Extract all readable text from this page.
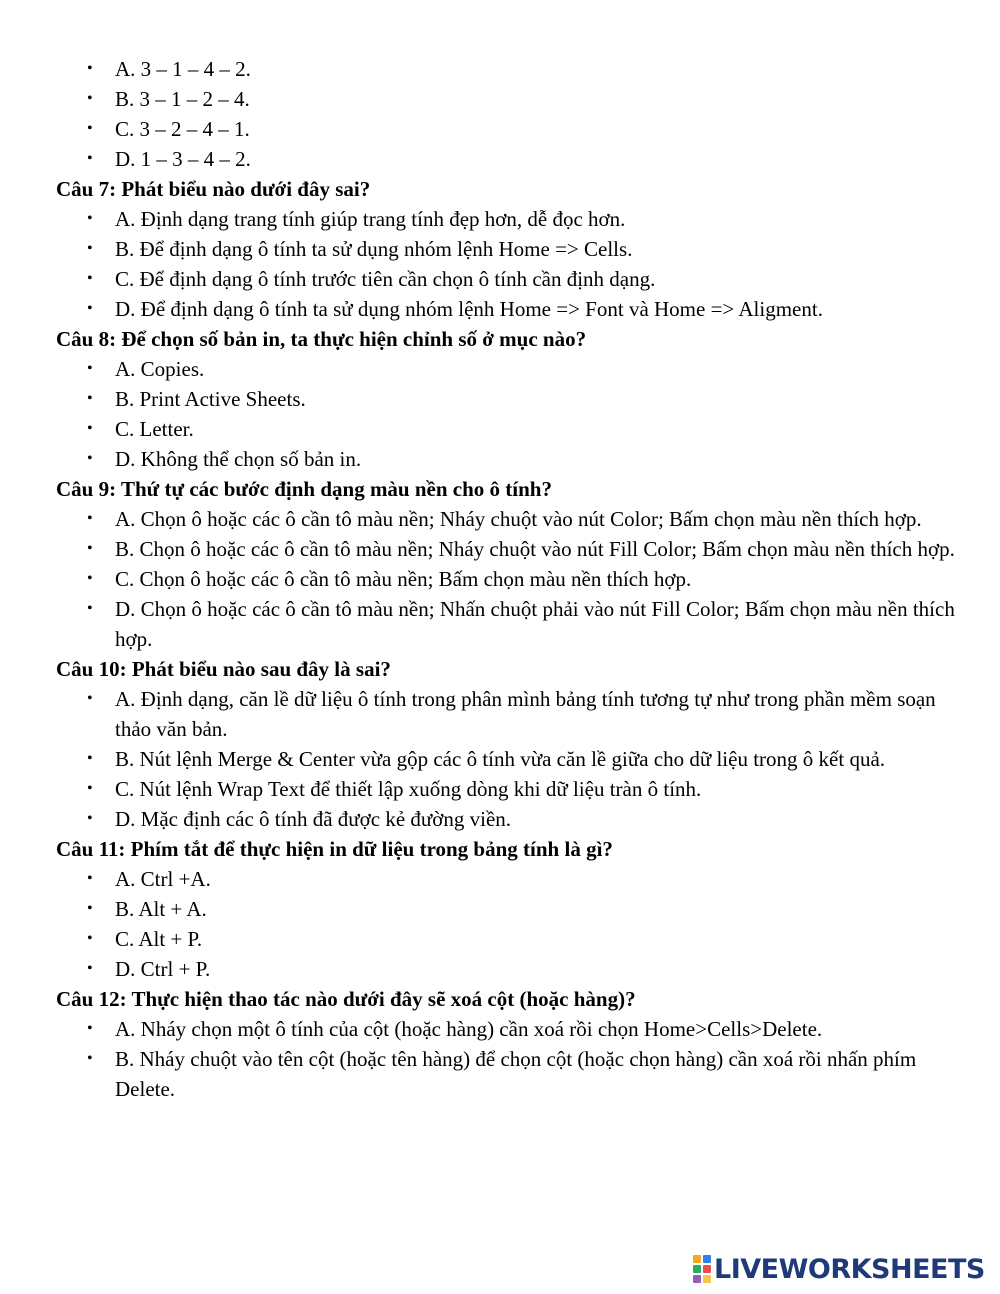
• A. 3 – 1 – 4 – 2.
• B. 3 – 1 – 2 – 4.
• C. 3 – 2 – 4 – 1.
• D. 1 – 3 – 4 – 2.

Câu 7: Phát biểu nào dưới đây sai?

• A. Định dạng trang tính giúp trang tính đẹp hơn, dễ đọc hơn.
• B. Để định dạng ô tính ta sử dụng nhóm lệnh Home => Cells.
• C. Để định dạng ô tính trước tiên cần chọn ô tính cần định dạng.
• D. Để định dạng ô tính ta sử dụng nhóm lệnh Home => Font và Home => Aligment.

Câu 8: Để chọn số bản in, ta thực hiện chỉnh số ở mục nào?

• A. Copies.
• B. Print Active Sheets.
• C. Letter.
• D. Không thể chọn số bản in.

Câu 9: Thứ tự các bước định dạng màu nền cho ô tính?

• A. Chọn ô hoặc các ô cần tô màu nền; Nháy chuột vào nút Color; Bấm chọn màu nền thích hợp.
• B. Chọn ô hoặc các ô cần tô màu nền; Nháy chuột vào nút Fill Color; Bấm chọn màu nền thích hợp.
• C. Chọn ô hoặc các ô cần tô màu nền; Bấm chọn màu nền thích hợp.
• D. Chọn ô hoặc các ô cần tô màu nền; Nhấn chuột phải vào nút Fill Color; Bấm chọn màu nền thích hợp.

Câu 10: Phát biểu nào sau đây là sai?

• A. Định dạng, căn lề dữ liệu ô tính trong phân mình bảng tính tương tự như trong phần mềm soạn thảo văn bản.
• B. Nút lệnh Merge & Center vừa gộp các ô tính vừa căn lề giữa cho dữ liệu trong ô kết quả.
• C. Nút lệnh Wrap Text để thiết lập xuống dòng khi dữ liệu tràn ô tính.
• D. Mặc định các ô tính đã được kẻ đường viền.

Câu 11: Phím tắt để thực hiện in dữ liệu trong bảng tính là gì?

• A. Ctrl +A.
• B. Alt + A.
• C. Alt + P.
• D. Ctrl + P.

Câu 12: Thực hiện thao tác nào dưới đây sẽ xoá cột (hoặc hàng)?

• A. Nháy chọn một ô tính của cột (hoặc hàng) cần xoá rồi chọn Home>Cells>Delete.
• B. Nháy chuột vào tên cột (hoặc tên hàng) để chọn cột (hoặc chọn hàng) cần xoá rồi nhấn phím Delete.
LIVEWORKSHEETS
